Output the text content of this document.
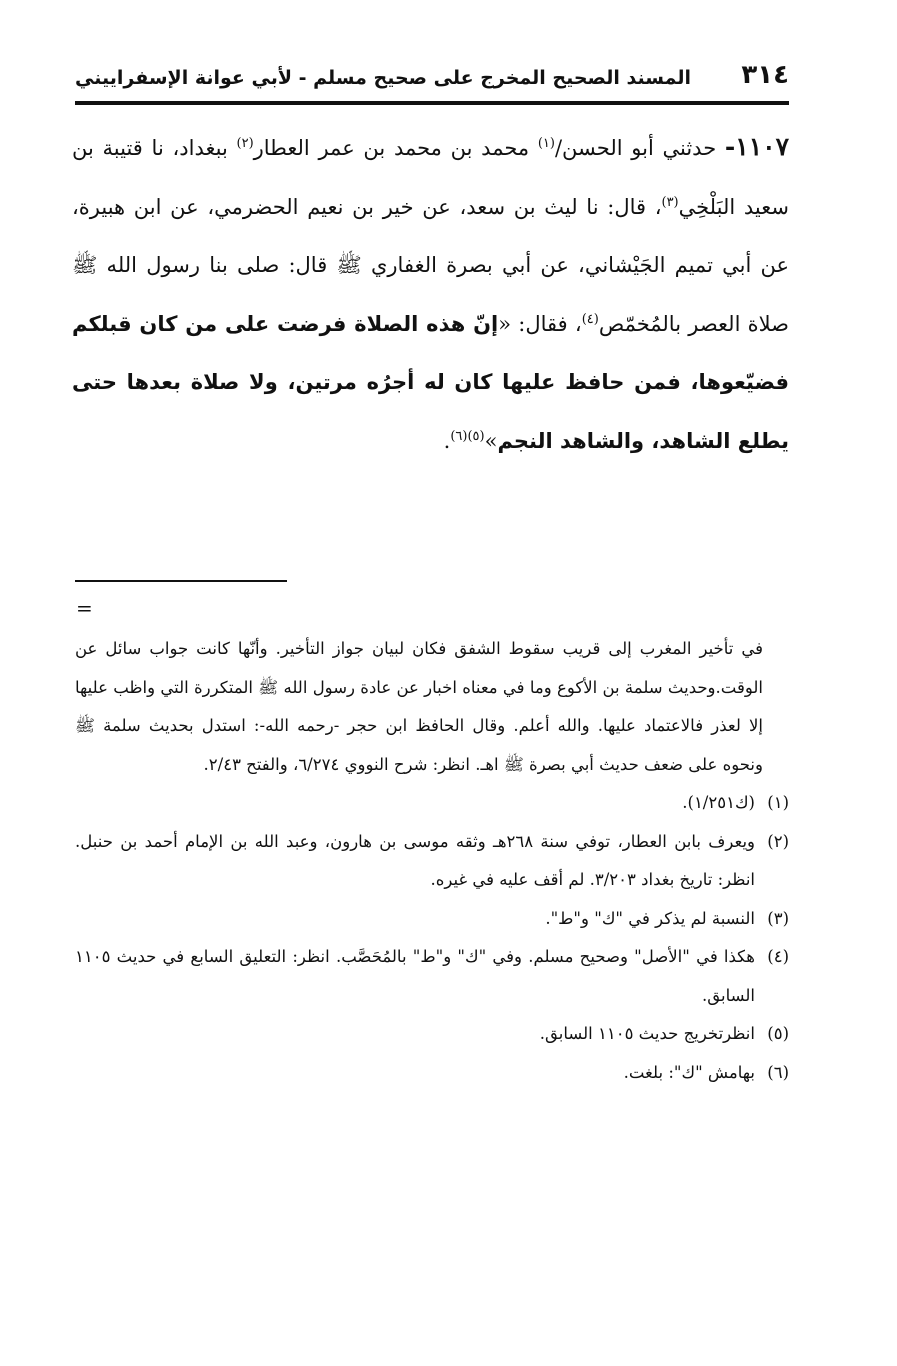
٣١٤
المسند الصحيح المخرج على صحيح مسلم - لأبي عوانة الإسفراييني
١١٠٧- حدثني أبو الحسن/$^{(١)}$ محمد بن محمد بن عمر العطار$^{(٢)}$ ببغداد، نا قتيبة بن سعيد البَلْخِي$^{(٣)}$، قال: نا ليث بن سعد، عن خير بن نعيم الحضرمي، عن ابن هبيرة، عن أبي تميم الجَيْشاني، عن أبي بصرة الغفاري ﷺ قال: صلى بنا رسول الله ﷺ صلاة العصر بالمُخمّص$^{(٤)}$، فقال: «إنّ هذه الصلاة فرضت على من كان قبلكم فضيّعوها، فمن حافظ عليها كان له أجرُه مرتين، ولا صلاة بعدها حتى يطلع الشاهد، والشاهد النجم»$^{(٥)(٦)}$.
=
في تأخير المغرب إلى قريب سقوط الشفق فكان لبيان جواز التأخير. وأنّها كانت جواب سائل عن الوقت.وحديث سلمة بن الأكوع وما في معناه اخبار عن عادة رسول الله ﷺ المتكررة التي واظب عليها إلا لعذر فالاعتماد عليها. والله أعلم. وقال الحافظ ابن حجر -رحمه الله-: استدل بحديث سلمة ﷺ ونحوه على ضعف حديث أبي بصرة ﷺ اهـ. انظر: شرح النووي ٦/٢٧٤، والفتح ٢/٤٣.
(١)(ك١/٢٥١).
(٢)ويعرف بابن العطار، توفي سنة ٢٦٨هـ وثقه موسى بن هارون، وعبد الله بن الإمام أحمد بن حنبل. انظر: تاريخ بغداد ٣/٢٠٣. لم أقف عليه في غيره.
(٣)النسبة لم يذكر في "ك" و"ط".
(٤)هكذا في "الأصل" وصحيح مسلم. وفي "ك" و"ط" بالمُحَصَّب. انظر: التعليق السابع في حديث ١١٠٥ السابق.
(٥)انظرتخريج حديث ١١٠٥ السابق.
(٦)بهامش "ك": بلغت.
